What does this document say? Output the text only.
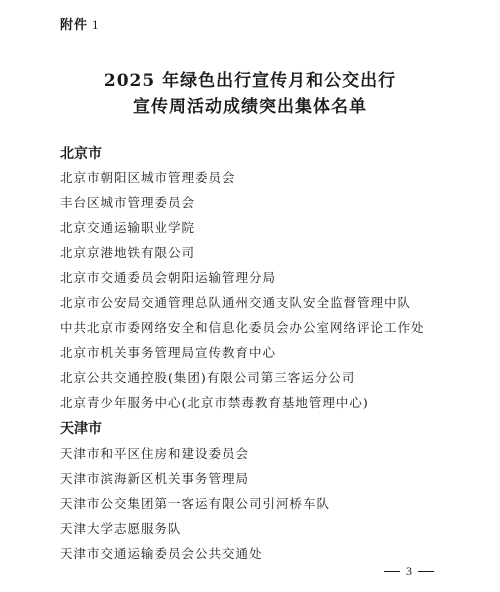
附件 1
2025 年绿色出行宣传月和公交出行
宣传周活动成绩突出集体名单
北京市
北京市朝阳区城市管理委员会
丰台区城市管理委员会
北京交通运输职业学院
北京京港地铁有限公司
北京市交通委员会朝阳运输管理分局
北京市公安局交通管理总队通州交通支队安全监督管理中队
中共北京市委网络安全和信息化委员会办公室网络评论工作处
北京市机关事务管理局宣传教育中心
北京公共交通控股(集团)有限公司第三客运分公司
北京青少年服务中心(北京市禁毒教育基地管理中心)
天津市
天津市和平区住房和建设委员会
天津市滨海新区机关事务管理局
天津市公交集团第一客运有限公司引河桥车队
天津大学志愿服务队
天津市交通运输委员会公共交通处
3
